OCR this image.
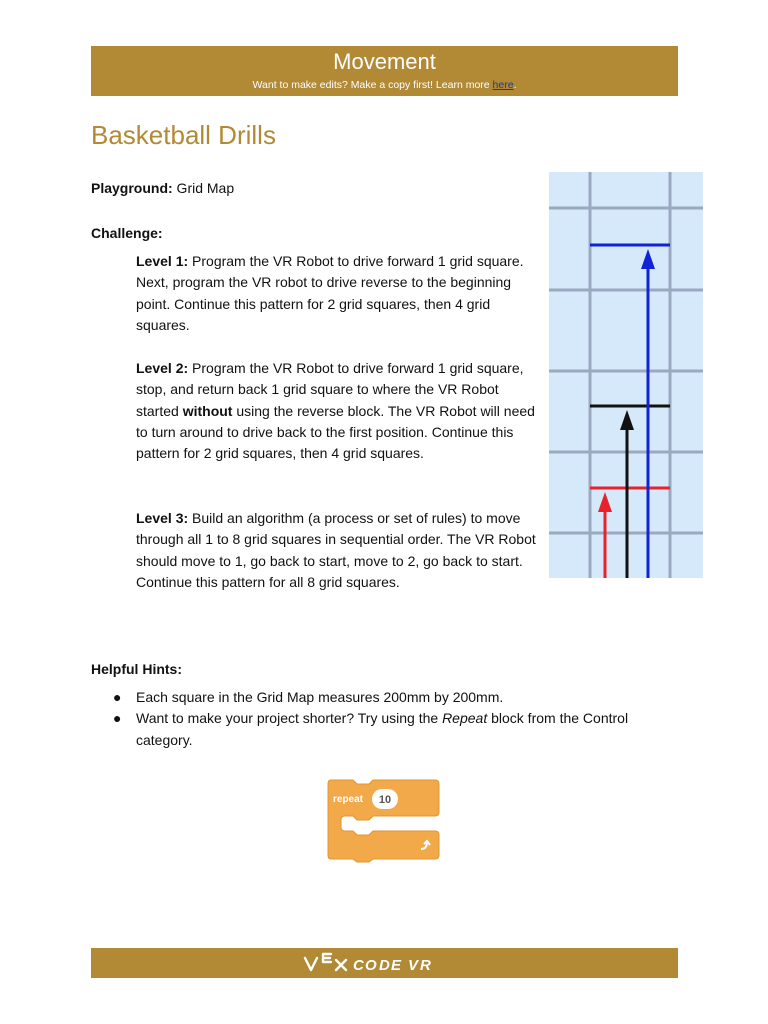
Movement
Want to make edits? Make a copy first! Learn more here.
Basketball Drills
Playground: Grid Map
Challenge:
Level 1: Program the VR Robot to drive forward 1 grid square. Next, program the VR robot to drive reverse to the beginning point. Continue this pattern for 2 grid squares, then 4 grid squares.
Level 2: Program the VR Robot to drive forward 1 grid square, stop, and return back 1 grid square to where the VR Robot started without using the reverse block. The VR Robot will need to turn around to drive back to the first position. Continue this pattern for 2 grid squares, then 4 grid squares.
Level 3: Build an algorithm (a process or set of rules) to move through all 1 to 8 grid squares in sequential order. The VR Robot should move to 1, go back to start, move to 2, go back to start. Continue this pattern for all 8 grid squares.
Helpful Hints:
● Each square in the Grid Map measures 200mm by 200mm.
● Want to make your project shorter? Try using the Repeat block from the Control category.
repeat 10
C O D E V R
